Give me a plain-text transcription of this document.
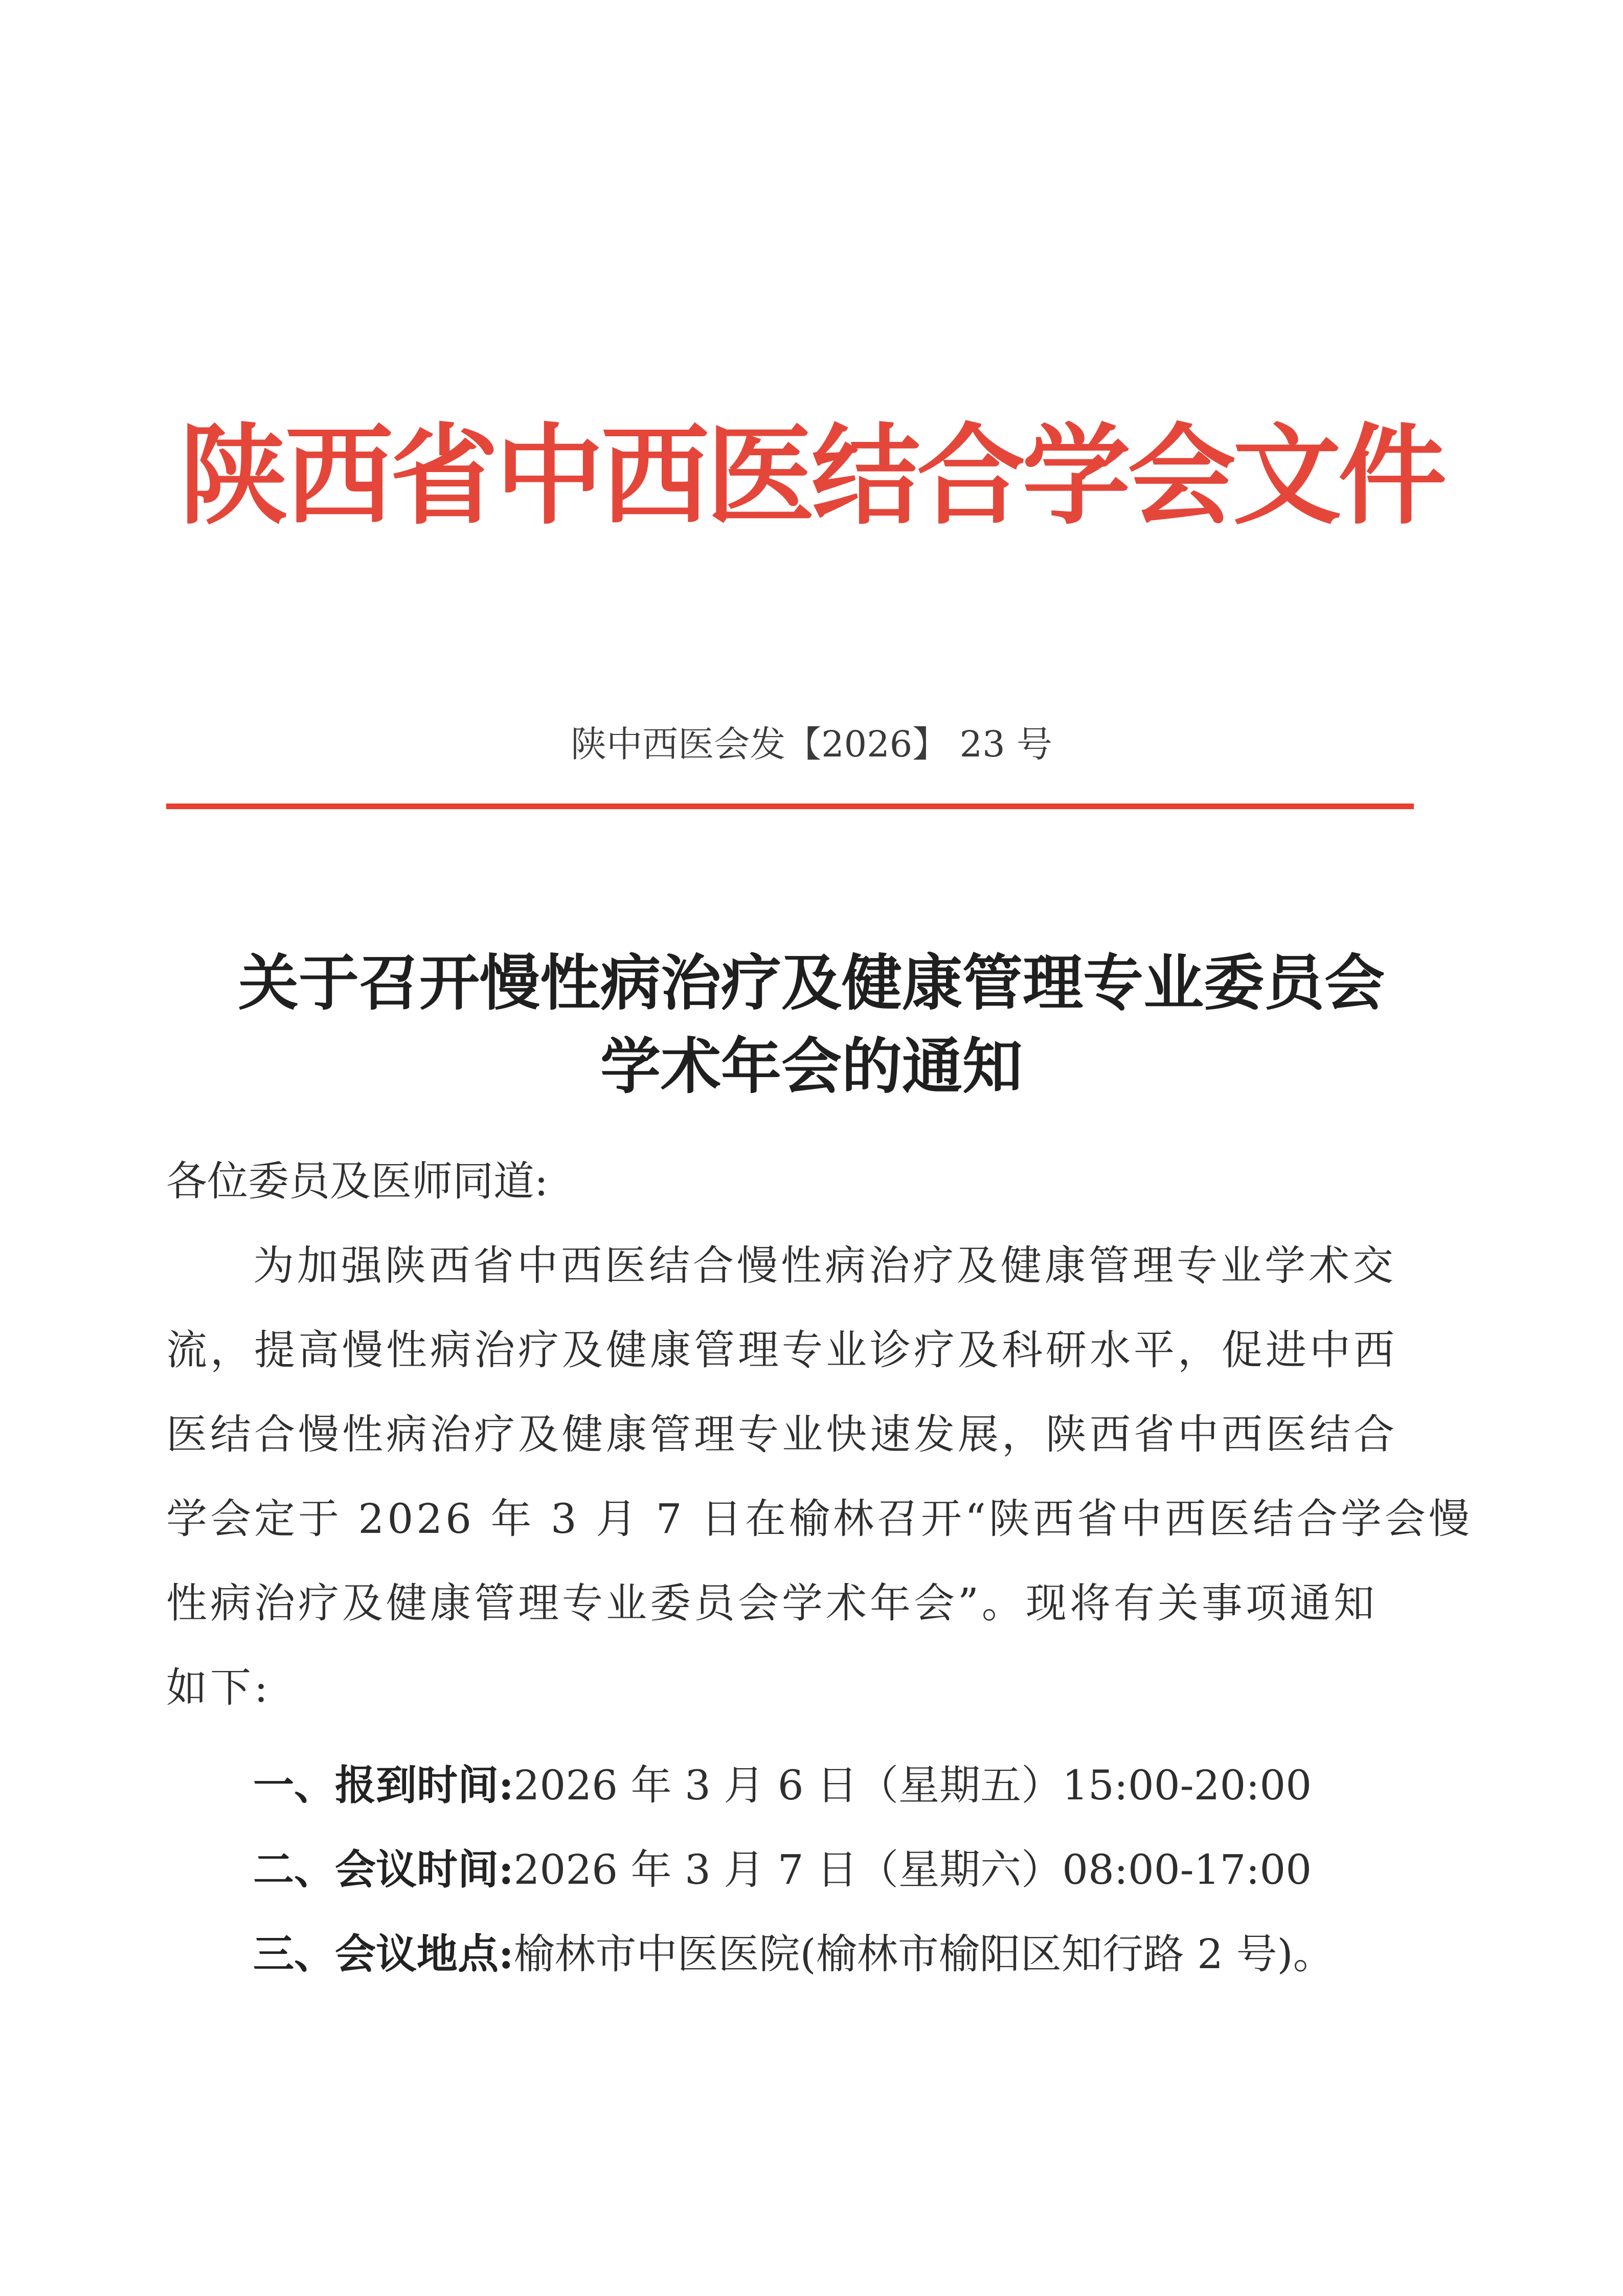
陕西省中西医结合学会文件
陕中西医会发【2026】 23 号
关于召开慢性病治疗及健康管理专业委员会
学术年会的通知
各位委员及医师同道:
为加强陕西省中西医结合慢性病治疗及健康管理专业学术交
流，提高慢性病治疗及健康管理专业诊疗及科研水平，促进中西
医结合慢性病治疗及健康管理专业快速发展，陕西省中西医结合
学会定于 2026 年 3 月 7 日在榆林召开“陕西省中西医结合学会慢
性病治疗及健康管理专业委员会学术年会”。现将有关事项通知
如下:
一、报到时间:2026 年 3 月 6 日（星期五）15:00-20:00
二、会议时间:2026 年 3 月 7 日（星期六）08:00-17:00
三、会议地点:榆林市中医医院(榆林市榆阳区知行路 2 号)。
